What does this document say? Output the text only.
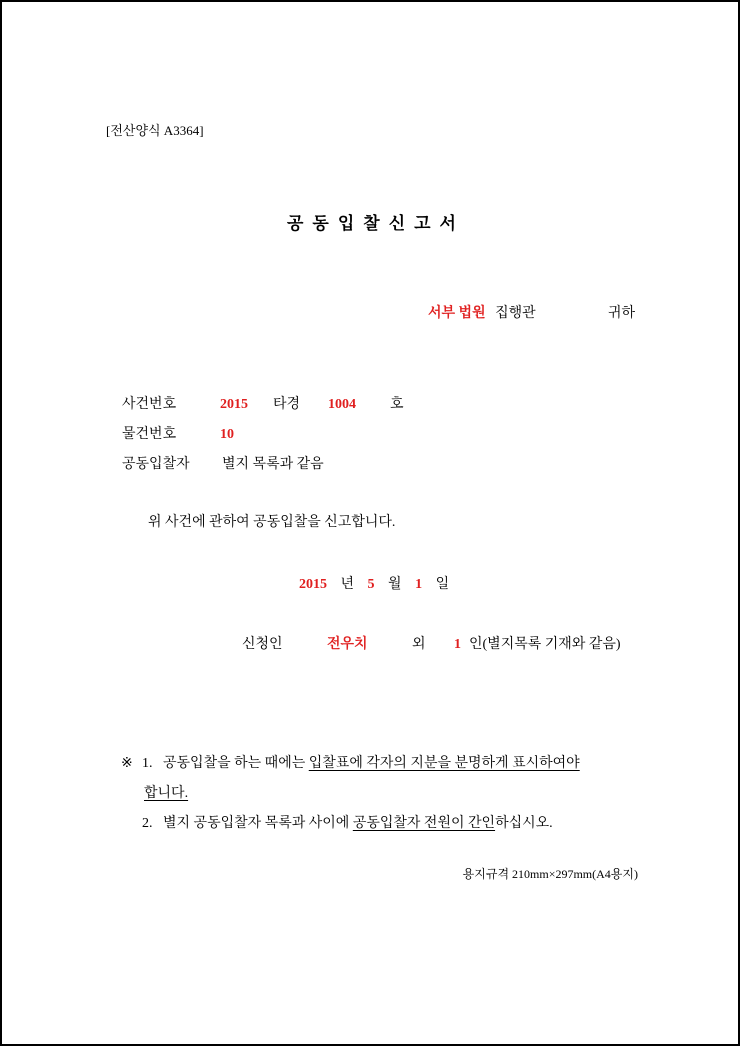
[전산양식 A3364]
공동입찰신고서
서부 법원 집행관	귀하
사건번호	2015 타경 1004 호
물건번호	10
공동입찰자 별지 목록과 같음
위 사건에 관하여 공동입찰을 신고합니다.
2015 년 5 월 1 일
신청인	전우치	외 1 인(별지목록 기재와 같음)
※ 1. 공동입찰을 하는 때에는 입찰표에 각자의 지분을 분명하게 표시하여야
합니다.
2. 별지 공동입찰자 목록과 사이에 공동입찰자 전원이 간인하십시오.
용지규격 210mm×297mm(A4용지)
